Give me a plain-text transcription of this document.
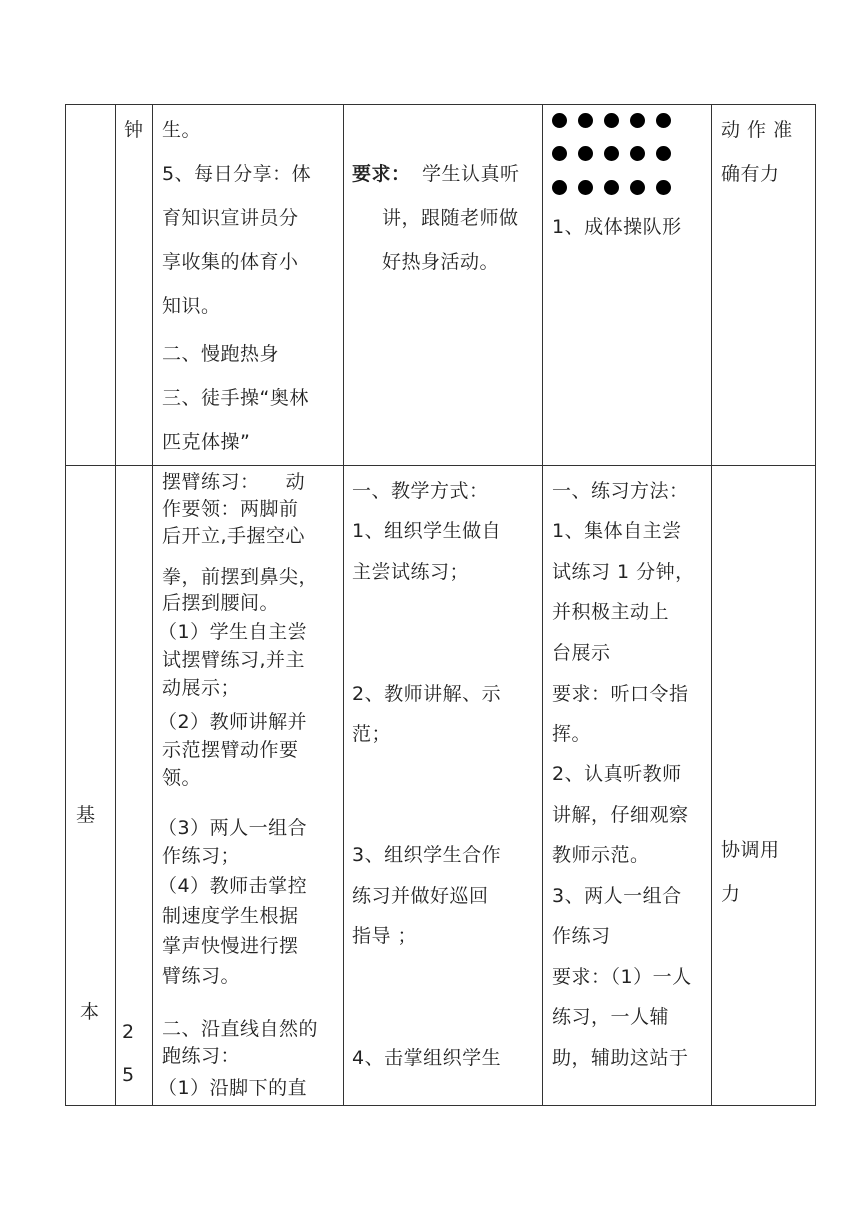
钟 生。
5、每日分享：体
育知识宣讲员分
享收集的体育小
知识。
二、慢跑热身
三、徒手操“奥林
匹克体操”
要求： 学生认真听
讲，跟随老师做
好热身活动。
1、成体操队形
动 作 准
确有力
基
本
2
5
摆臂练习：    动
作要领：两脚前
后开立,手握空心
拳，前摆到鼻尖，
后摆到腰间。
（1）学生自主尝
试摆臂练习,并主
动展示；
（2）教师讲解并
示范摆臂动作要
领。
（3）两人一组合
作练习；
（4）教师击掌控
制速度学生根据
掌声快慢进行摆
臂练习。
二、沿直线自然的
跑练习：
（1）沿脚下的直
一、教学方式：
1、组织学生做自
主尝试练习；
2、教师讲解、示
范；
3、组织学生合作
练习并做好巡回
指导 ；
4、击掌组织学生
一、练习方法：
1、集体自主尝
试练习 1 分钟，
并积极主动上
台展示
要求：听口令指
挥。
2、认真听教师
讲解，仔细观察
教师示范。
3、两人一组合
作练习
要求：（1）一人
练习，一人辅
助，辅助这站于
协调用
力
